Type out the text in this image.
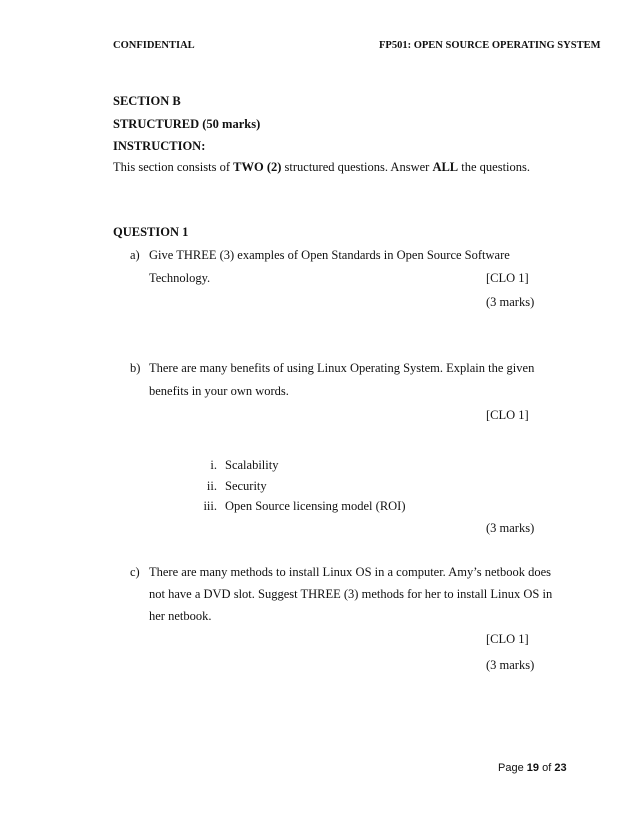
CONFIDENTIAL	FP501: OPEN SOURCE OPERATING SYSTEM
SECTION B
STRUCTURED (50 marks)
INSTRUCTION:
This section consists of TWO (2) structured questions. Answer ALL the questions.
QUESTION 1
a) Give THREE (3) examples of Open Standards in Open Source Software
Technology.	[CLO 1]
(3 marks)
b) There are many benefits of using Linux Operating System. Explain the given
benefits in your own words.
[CLO 1]
i. Scalability
ii. Security
iii. Open Source licensing model (ROI)
(3 marks)
c) There are many methods to install Linux OS in a computer. Amy’s netbook does
not have a DVD slot. Suggest THREE (3) methods for her to install Linux OS in
her netbook.
[CLO 1]
(3 marks)
Page 19 of 23
